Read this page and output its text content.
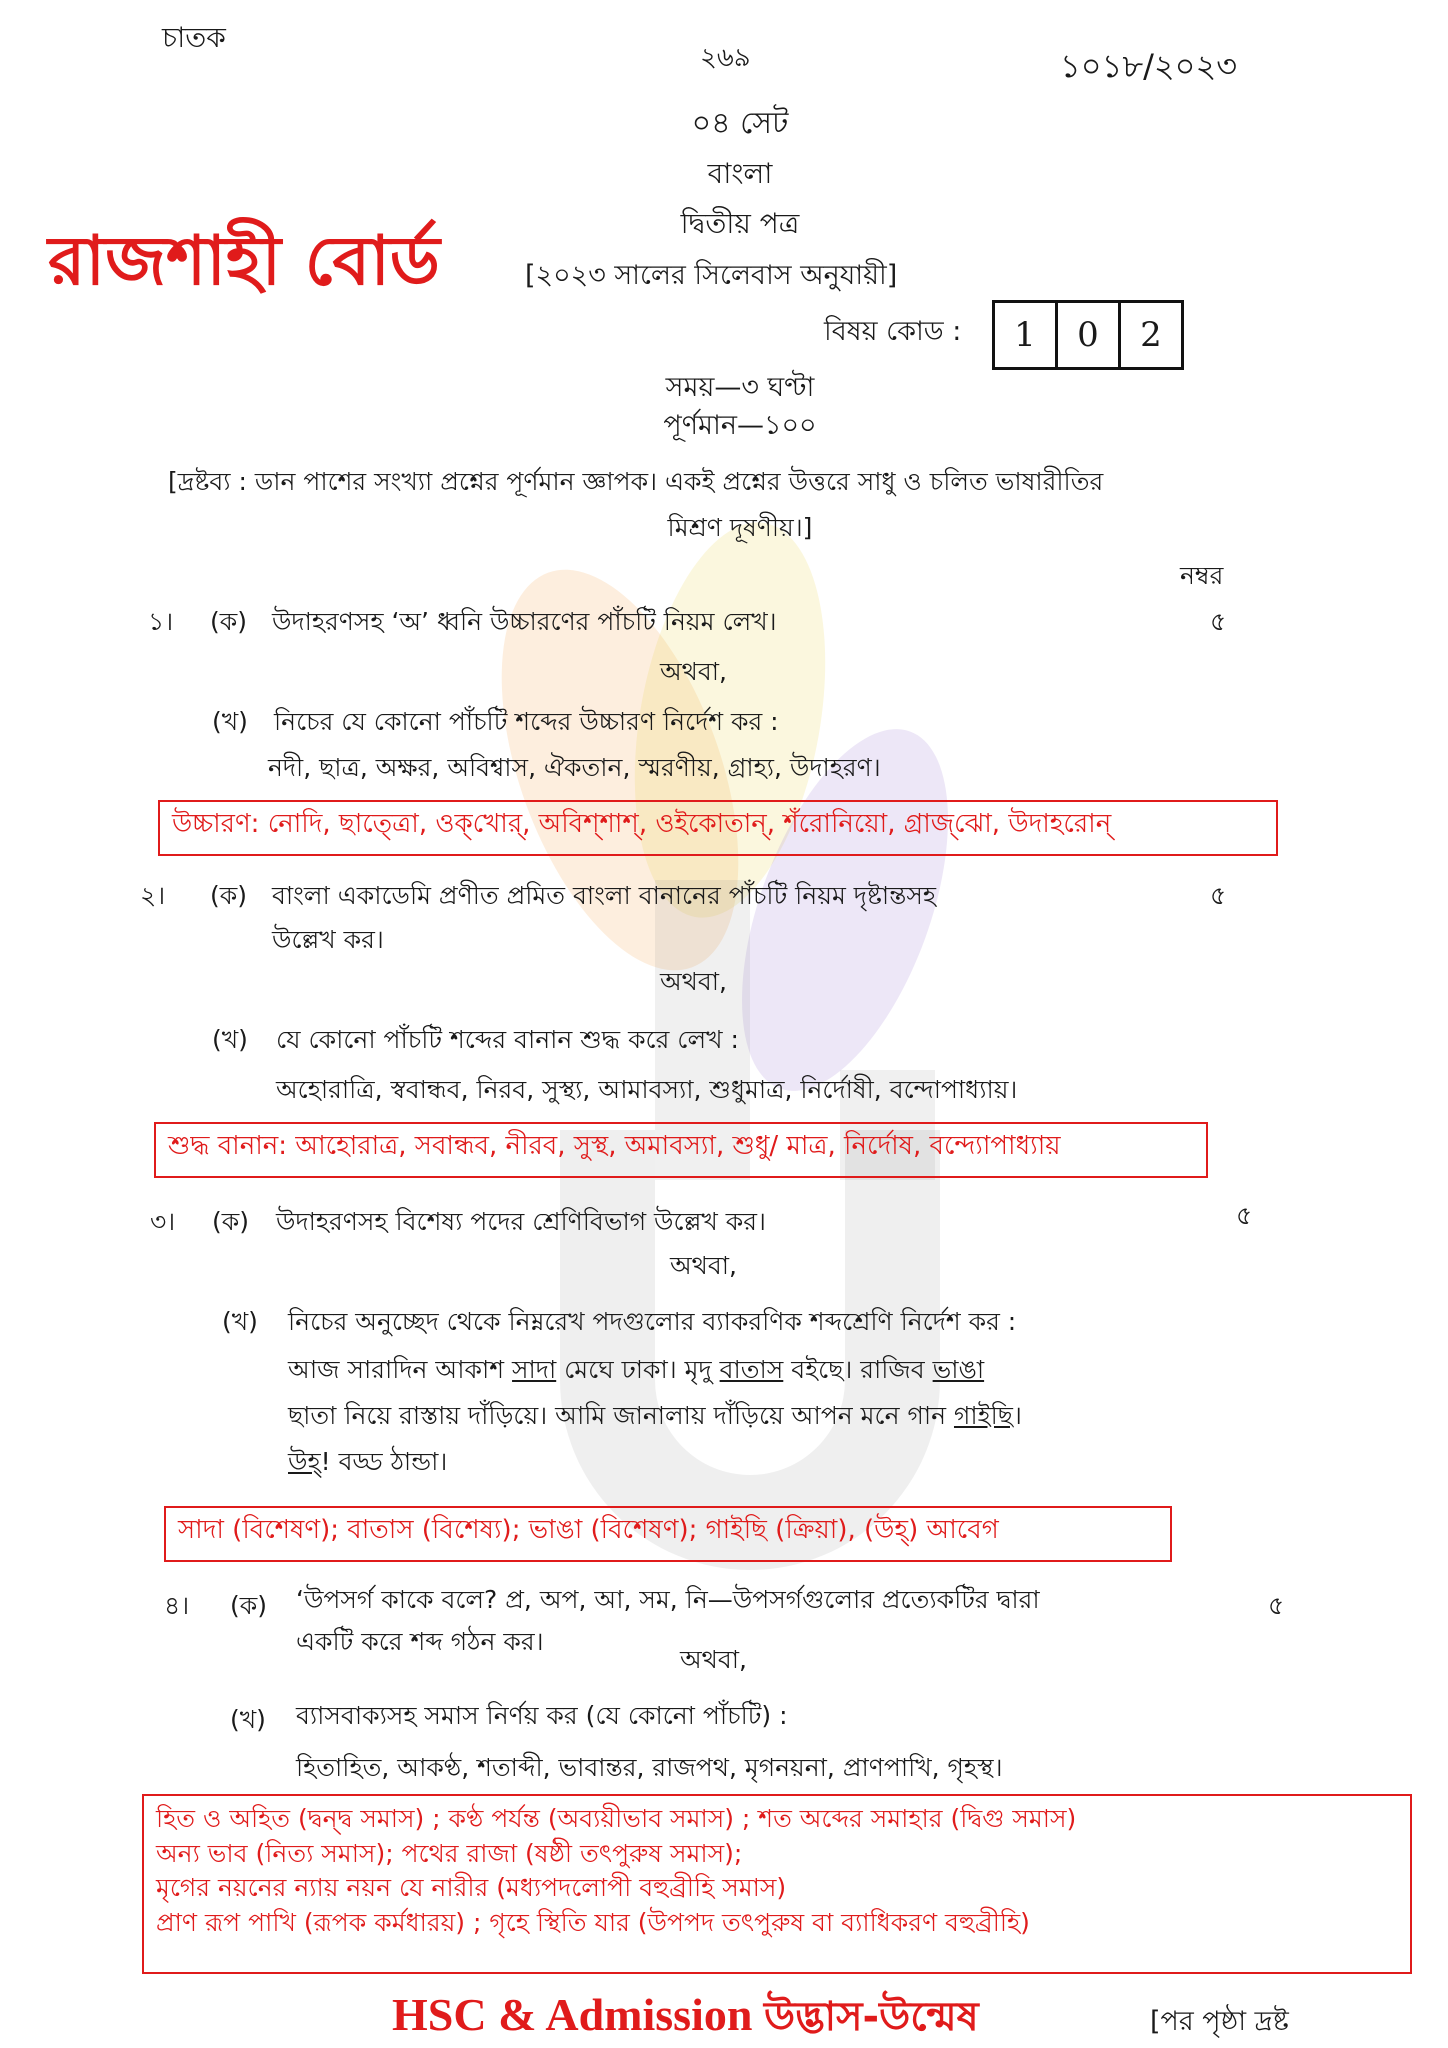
চাতক
২৬৯	১০১৮/২০২৩
০৪ সেট
বাংলা
দ্বিতীয় পত্র
রাজশাহী বোর্ড	[২০২৩ সালের সিলেবাস অনুযায়ী]
বিষয় কোড :	1	0	2
সময়—৩ ঘণ্টা
পূর্ণমান—১০০
[দ্রষ্টব্য : ডান পাশের সংখ্যা প্রশ্নের পূর্ণমান জ্ঞাপক। একই প্রশ্নের উত্তরে সাধু ও চলিত ভাষারীতির
মিশ্রণ দূষণীয়।]
নম্বর
১। (ক) উদাহরণসহ ‘অ’ ধ্বনি উচ্চারণের পাঁচটি নিয়ম লেখ।	৫
অথবা,
(খ) নিচের যে কোনো পাঁচটি শব্দের উচ্চারণ নির্দেশ কর :
নদী, ছাত্র, অক্ষর, অবিশ্বাস, ঐকতান, স্মরণীয়, গ্রাহ্য, উদাহরণ।
উচ্চারণ: নোদি, ছাত্ত্রো, ওক্‌খোর্‌, অবিশ্‌শাশ্‌, ওইকোতান্‌, শঁরোনিয়ো, গ্রাজ্‌ঝো, উদাহরোন্‌
২। (ক) বাংলা একাডেমি প্রণীত প্রমিত বাংলা বানানের পাঁচটি নিয়ম দৃষ্টান্তসহ
উল্লেখ কর।
৫
অথবা,
(খ) যে কোনো পাঁচটি শব্দের বানান শুদ্ধ করে লেখ :
অহোরাত্রি, স্ববান্ধব, নিরব, সুস্থ্য, আমাবস্যা, শুধুমাত্র, নির্দোষী, বন্দোপাধ্যায়।
শুদ্ধ বানান: আহোরাত্র, সবান্ধব, নীরব, সুস্থ, অমাবস্যা, শুধু/ মাত্র, নির্দোষ, বন্দ্যোপাধ্যায়
৩। (ক) উদাহরণসহ বিশেষ্য পদের শ্রেণিবিভাগ উল্লেখ কর।	৫
অথবা,
(খ) নিচের অনুচ্ছেদ থেকে নিম্নরেখ পদগুলোর ব্যাকরণিক শব্দশ্রেণি নির্দেশ কর :
আজ সারাদিন আকাশ সাদা মেঘে ঢাকা। মৃদু বাতাস বইছে। রাজিব ভাঙা
ছাতা নিয়ে রাস্তায় দাঁড়িয়ে। আমি জানালায় দাঁড়িয়ে আপন মনে গান গাইছি।
উহ্! বড্ড ঠান্ডা।
সাদা (বিশেষণ); বাতাস (বিশেষ্য); ভাঙা (বিশেষণ); গাইছি (ক্রিয়া), (উহ্) আবেগ
৪। (ক) ‘উপসর্গ কাকে বলে? প্র, অপ, আ, সম, নি—উপসর্গগুলোর প্রত্যেকটির দ্বারা
একটি করে শব্দ গঠন কর।
৫
অথবা,
(খ) ব্যাসবাক্যসহ সমাস নির্ণয় কর (যে কোনো পাঁচটি) :
হিতাহিত, আকণ্ঠ, শতাব্দী, ভাবান্তর, রাজপথ, মৃগনয়না, প্রাণপাখি, গৃহস্থ।
হিত ও অহিত (দ্বন্দ্ব সমাস) ; কণ্ঠ পর্যন্ত (অব্যয়ীভাব সমাস) ; শত অব্দের সমাহার (দ্বিগু সমাস)
অন্য ভাব (নিত্য সমাস); পথের রাজা (ষষ্ঠী তৎপুরুষ সমাস);
মৃগের নয়নের ন্যায় নয়ন যে নারীর (মধ্যপদলোপী বহুব্রীহি সমাস)
প্রাণ রূপ পাখি (রূপক কর্মধারয়) ; গৃহে স্থিতি যার (উপপদ তৎপুরুষ বা ব্যাধিকরণ বহুব্রীহি)
HSC & Admission উদ্ভাস-উন্মেষ	[পর পৃষ্ঠা দ্রষ্ট
